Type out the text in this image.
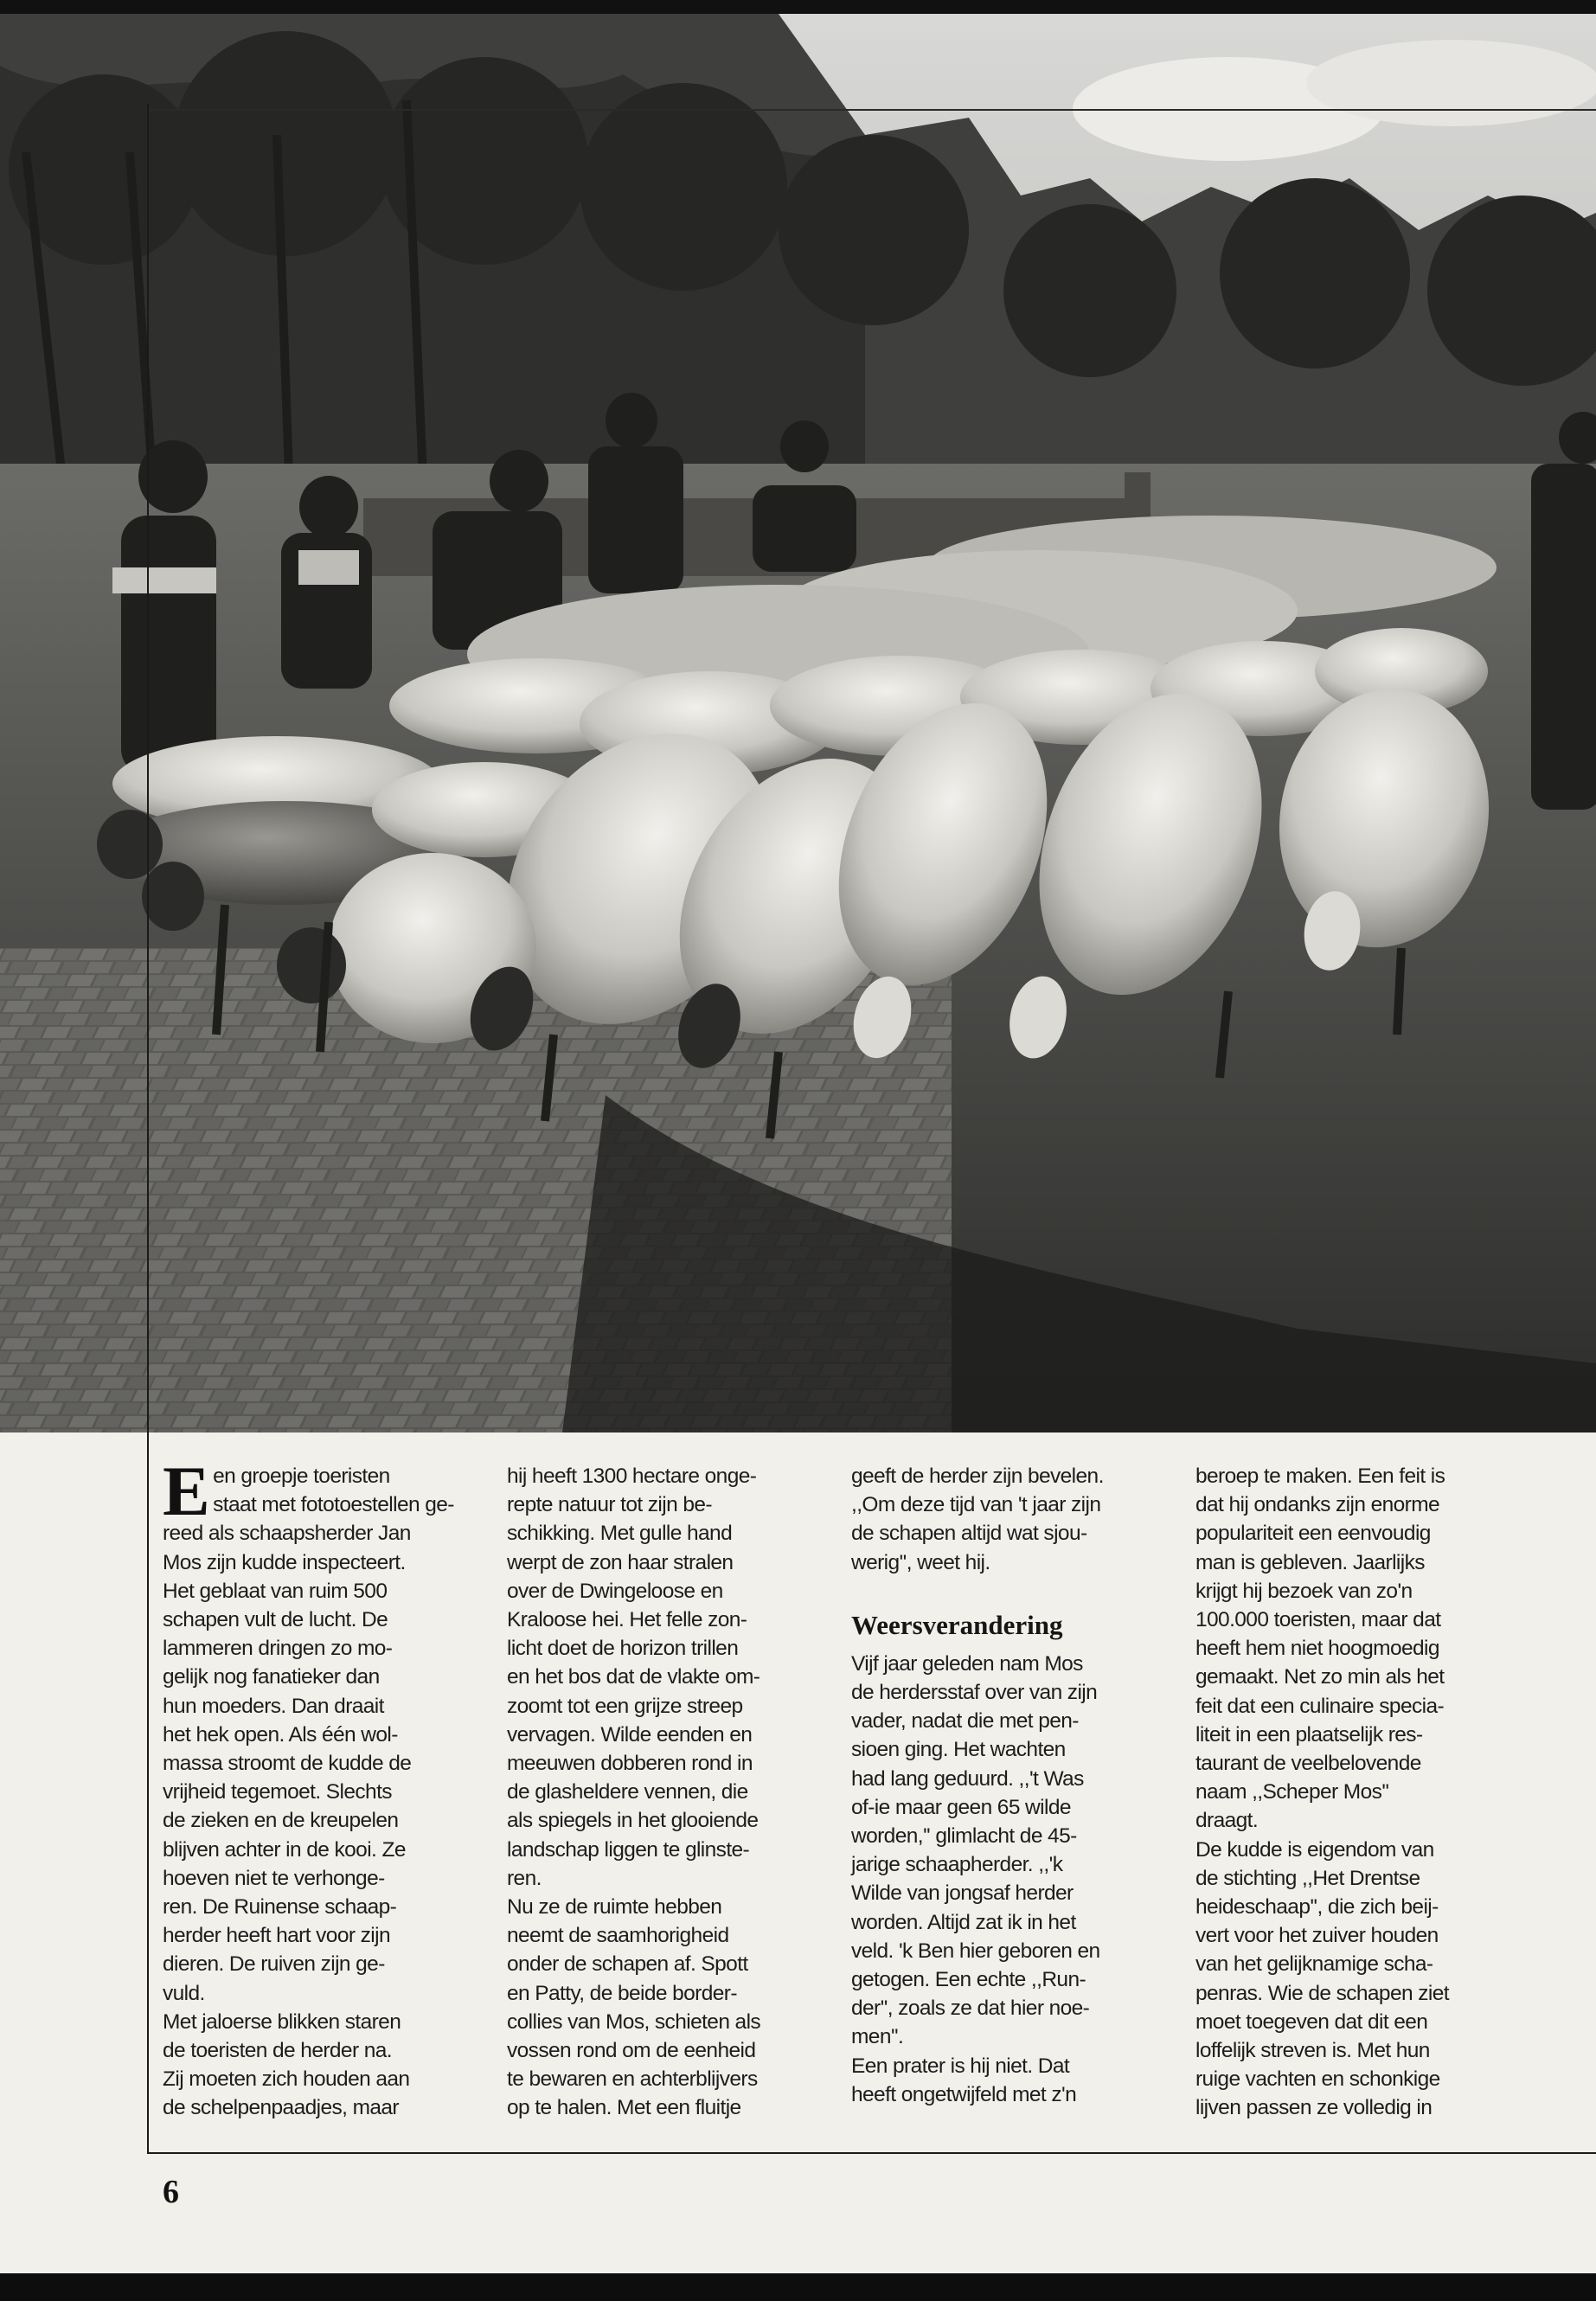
E en groepje toeristen
staat met fototoestellen ge-
reed als schaapsherder Jan
Mos zijn kudde inspecteert.
Het geblaat van ruim 500
schapen vult de lucht. De
lammeren dringen zo mo-
gelijk nog fanatieker dan
hun moeders. Dan draait
het hek open. Als één wol-
massa stroomt de kudde de
vrijheid tegemoet. Slechts
de zieken en de kreupelen
blijven achter in de kooi. Ze
hoeven niet te verhonge-
ren. De Ruinense schaap-
herder heeft hart voor zijn
dieren. De ruiven zijn ge-
vuld.
Met jaloerse blikken staren
de toeristen de herder na.
Zij moeten zich houden aan
de schelpenpaadjes, maar

hij heeft 1300 hectare onge-
repte natuur tot zijn be-
schikking. Met gulle hand
werpt de zon haar stralen
over de Dwingeloose en
Kraloose hei. Het felle zon-
licht doet de horizon trillen
en het bos dat de vlakte om-
zoomt tot een grijze streep
vervagen. Wilde eenden en
meeuwen dobberen rond in
de glasheldere vennen, die
als spiegels in het glooiende
landschap liggen te glinste-
ren.
Nu ze de ruimte hebben
neemt de saamhorigheid
onder de schapen af. Spott
en Patty, de beide border-
collies van Mos, schieten als
vossen rond om de eenheid
te bewaren en achterblijvers
op te halen. Met een fluitje

geeft de herder zijn bevelen.
,,Om deze tijd van 't jaar zijn
de schapen altijd wat sjou-
werig'', weet hij.

Weersverandering

Vijf jaar geleden nam Mos
de herdersstaf over van zijn
vader, nadat die met pen-
sioen ging. Het wachten
had lang geduurd. ,,'t Was
of-ie maar geen 65 wilde
worden,'' glimlacht de 45-
jarige schaapherder. ,,'k
Wilde van jongsaf herder
worden. Altijd zat ik in het
veld. 'k Ben hier geboren en
getogen. Een echte ,,Run-
der'', zoals ze dat hier noe-
men''.
Een prater is hij niet. Dat
heeft ongetwijfeld met z'n

beroep te maken. Een feit is
dat hij ondanks zijn enorme
populariteit een eenvoudig
man is gebleven. Jaarlijks
krijgt hij bezoek van zo'n
100.000 toeristen, maar dat
heeft hem niet hoogmoedig
gemaakt. Net zo min als het
feit dat een culinaire specia-
liteit in een plaatselijk res-
taurant de veelbelovende
naam ,,Scheper Mos''
draagt.
De kudde is eigendom van
de stichting ,,Het Drentse
heideschaap'', die zich beij-
vert voor het zuiver houden
van het gelijknamige scha-
penras. Wie de schapen ziet
moet toegeven dat dit een
loffelijk streven is. Met hun
ruige vachten en schonkige
lijven passen ze volledig in

6
